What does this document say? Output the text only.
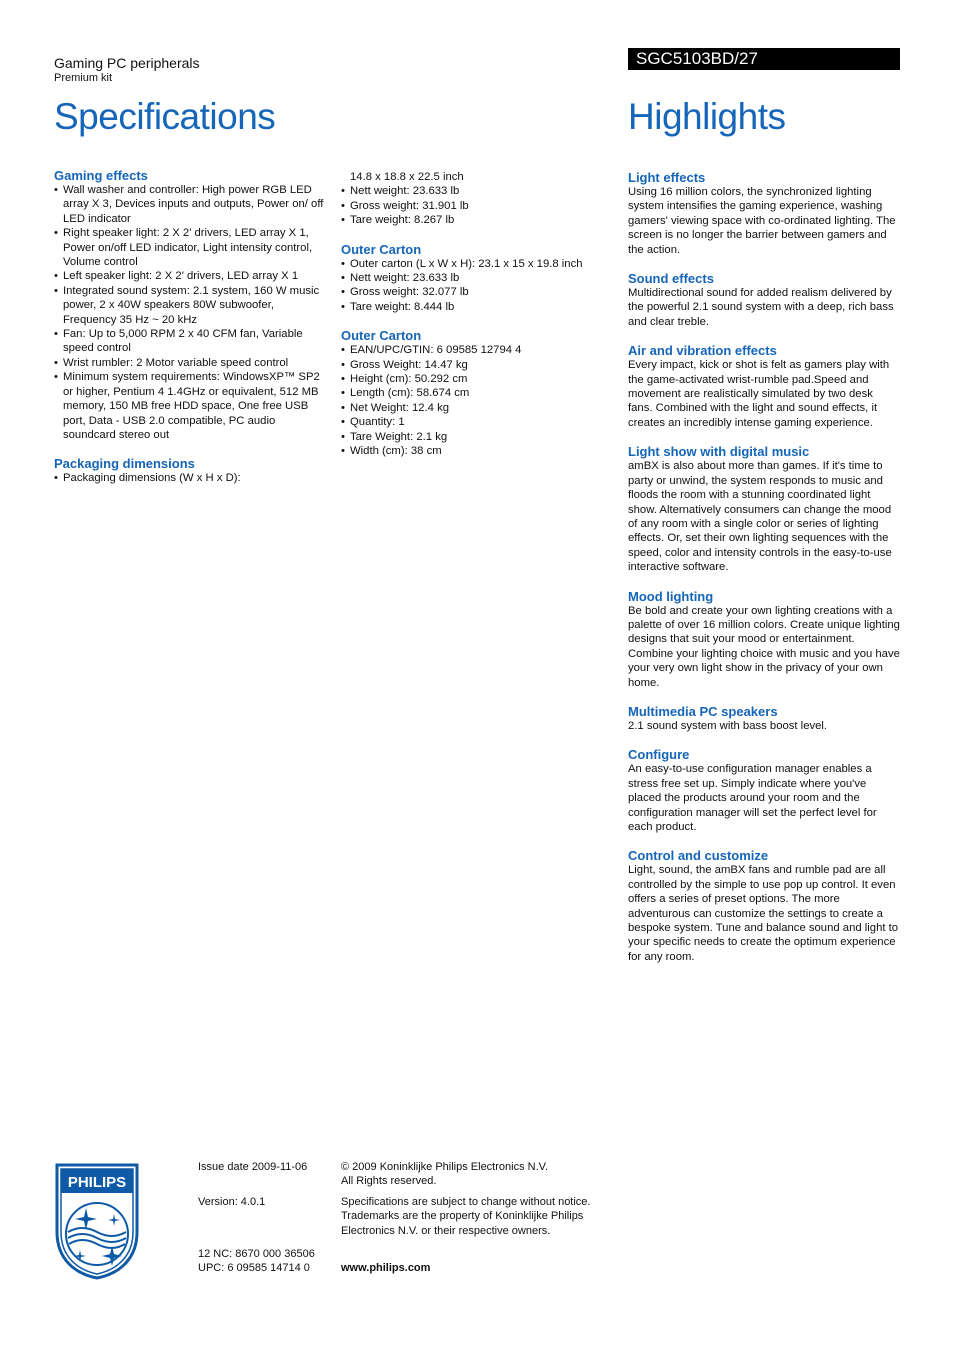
Gaming PC peripherals
Premium kit
SGC5103BD/27
Specifications	Highlights
Gaming effects
• Wall washer and controller: High power RGB LED array X 3, Devices inputs and outputs, Power on/ off LED indicator
• Right speaker light: 2 X 2' drivers, LED array X 1, Power on/off LED indicator, Light intensity control, Volume control
• Left speaker light: 2 X 2' drivers, LED array X 1
• Integrated sound system: 2.1 system, 160 W music power, 2 x 40W speakers 80W subwoofer, Frequency 35 Hz ~ 20 kHz
• Fan: Up to 5,000 RPM 2 x 40 CFM fan, Variable speed control
• Wrist rumbler: 2 Motor variable speed control
• Minimum system requirements: WindowsXP™ SP2 or higher, Pentium 4 1.4GHz or equivalent, 512 MB memory, 150 MB free HDD space, One free USB port, Data - USB 2.0 compatible, PC audio soundcard stereo out
Packaging dimensions
• Packaging dimensions (W x H x D):
14.8 x 18.8 x 22.5 inch
• Nett weight: 23.633 lb
• Gross weight: 31.901 lb
• Tare weight: 8.267 lb
Outer Carton
• Outer carton (L x W x H): 23.1 x 15 x 19.8 inch
• Nett weight: 23.633 lb
• Gross weight: 32.077 lb
• Tare weight: 8.444 lb
Outer Carton
• EAN/UPC/GTIN: 6 09585 12794 4
• Gross Weight: 14.47 kg
• Height (cm): 50.292 cm
• Length (cm): 58.674 cm
• Net Weight: 12.4 kg
• Quantity: 1
• Tare Weight: 2.1 kg
• Width (cm): 38 cm
Light effects

Using 16 million colors, the synchronized lighting system intensifies the gaming experience, washing gamers' viewing space with co-ordinated lighting. The screen is no longer the barrier between gamers and the action.

Sound effects

Multidirectional sound for added realism delivered by the powerful 2.1 sound system with a deep, rich bass and clear treble.

Air and vibration effects

Every impact, kick or shot is felt as gamers play with the game-activated wrist-rumble pad.Speed and movement are realistically simulated by two desk fans. Combined with the light and sound effects, it creates an incredibly intense gaming experience.

Light show with digital music

amBX is also about more than games. If it's time to party or unwind, the system responds to music and floods the room with a stunning coordinated light show. Alternatively consumers can change the mood of any room with a single color or series of lighting effects. Or, set their own lighting sequences with the speed, color and intensity controls in the easy-to-use interactive software.

Mood lighting

Be bold and create your own lighting creations with a palette of over 16 million colors. Create unique lighting designs that suit your mood or entertainment. Combine your lighting choice with music and you have your very own light show in the privacy of your own home.

Multimedia PC speakers

2.1 sound system with bass boost level.

Configure

An easy-to-use configuration manager enables a stress free set up. Simply indicate where you've placed the products around your room and the configuration manager will set the perfect level for each product.

Control and customize

Light, sound, the amBX fans and rumble pad are all controlled by the simple to use pop up control. It even offers a series of preset options. The more adventurous can customize the settings to create a bespoke system. Tune and balance sound and light to your specific needs to create the optimum experience for any room.

PHILIPS
Issue date 2009-11-06
Version: 4.0.1
12 NC: 8670 000 36506
UPC: 6 09585 14714 0
© 2009 Koninklijke Philips Electronics N.V.
All Rights reserved.
Specifications are subject to change without notice. Trademarks are the property of Koninklijke Philips Electronics N.V. or their respective owners.
www.philips.com
